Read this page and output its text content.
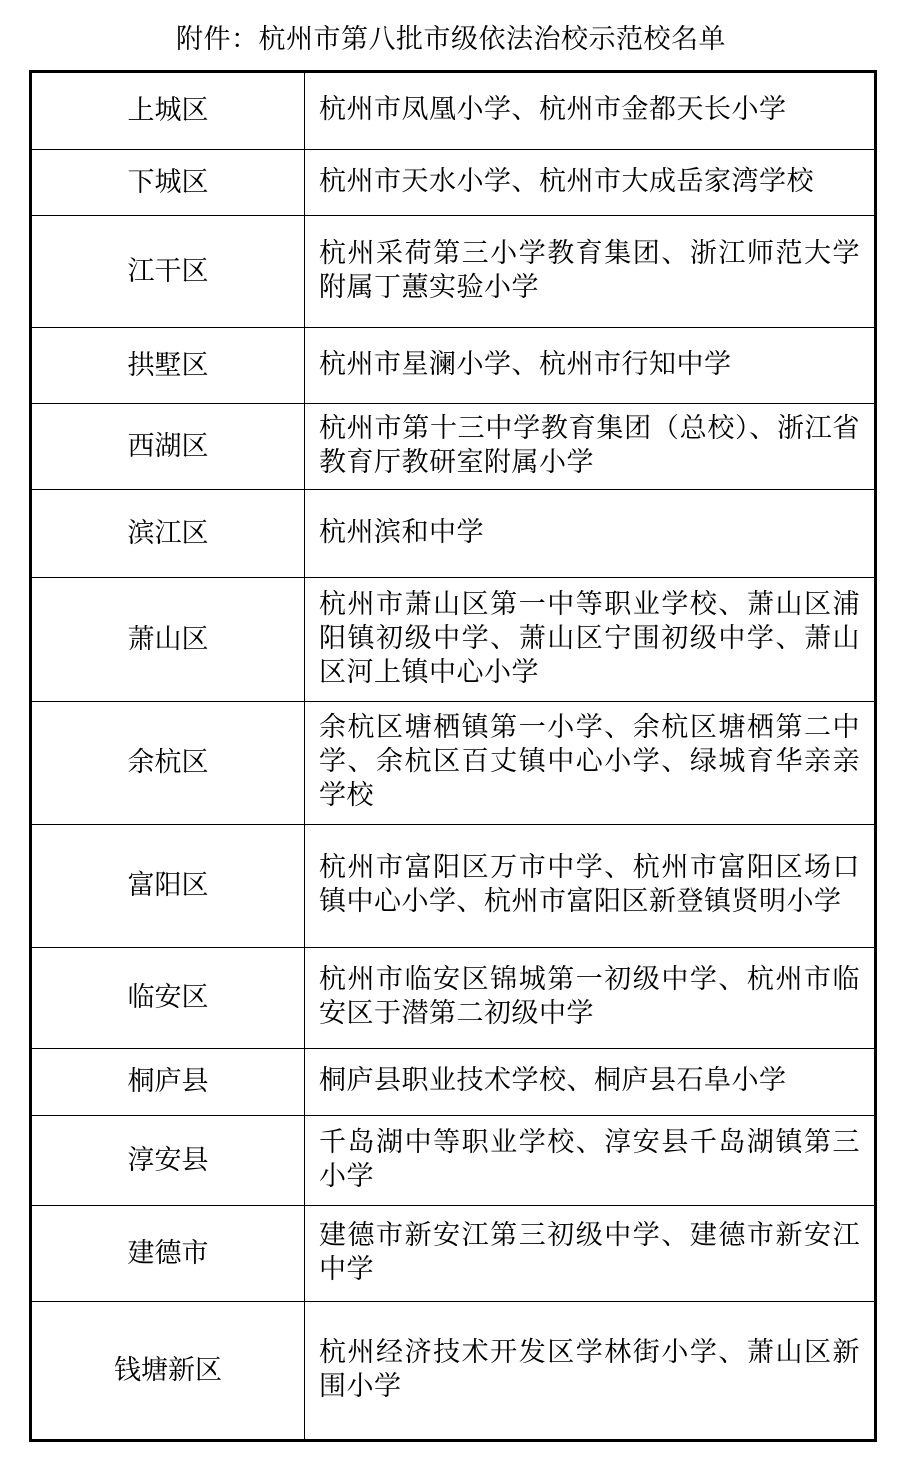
附件：杭州市第八批市级依法治校示范校名单
上城区	杭州市凤凰小学、杭州市金都天长小学
下城区	杭州市天水小学、杭州市大成岳家湾学校
江干区	杭州采荷第三小学教育集团、浙江师范大学附属丁蕙实验小学
拱墅区	杭州市星澜小学、杭州市行知中学
西湖区	杭州市第十三中学教育集团（总校）、浙江省教育厅教研室附属小学
滨江区	杭州滨和中学
萧山区	杭州市萧山区第一中等职业学校、萧山区浦阳镇初级中学、萧山区宁围初级中学、萧山区河上镇中心小学
余杭区	余杭区塘栖镇第一小学、余杭区塘栖第二中学、余杭区百丈镇中心小学、绿城育华亲亲学校
富阳区	杭州市富阳区万市中学、杭州市富阳区场口镇中心小学、杭州市富阳区新登镇贤明小学
临安区	杭州市临安区锦城第一初级中学、杭州市临安区于潜第二初级中学
桐庐县	桐庐县职业技术学校、桐庐县石阜小学
淳安县	千岛湖中等职业学校、淳安县千岛湖镇第三小学
建德市	建德市新安江第三初级中学、建德市新安江中学
钱塘新区	杭州经济技术开发区学林街小学、萧山区新围小学
